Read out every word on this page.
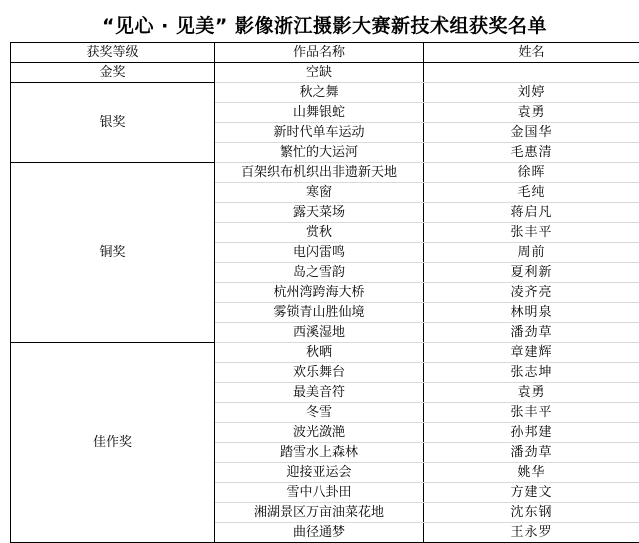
“见心 · 见美” 影像浙江摄影大赛新技术组获奖名单
获奖等级	作品名称	姓名
金奖	空缺	
银奖	秋之舞	刘婷
	山舞银蛇	袁勇
	新时代单车运动	金国华
	繁忙的大运河	毛惠清
铜奖	百架织布机织出非遗新天地	徐晖
	寒窗	毛纯
	露天菜场	蒋启凡
	赏秋	张丰平
	电闪雷鸣	周前
	岛之雪韵	夏利新
	杭州湾跨海大桥	凌齐亮
	雾锁青山胜仙境	林明泉
	西溪湿地	潘劲草
佳作奖	秋晒	章建辉
	欢乐舞台	张志坤
	最美音符	袁勇
	冬雪	张丰平
	波光潋滟	孙邦建
	踏雪水上森林	潘劲草
	迎接亚运会	姚华
	雪中八卦田	方建文
	湘湖景区万亩油菜花地	沈东钢
	曲径通梦	王永罗
